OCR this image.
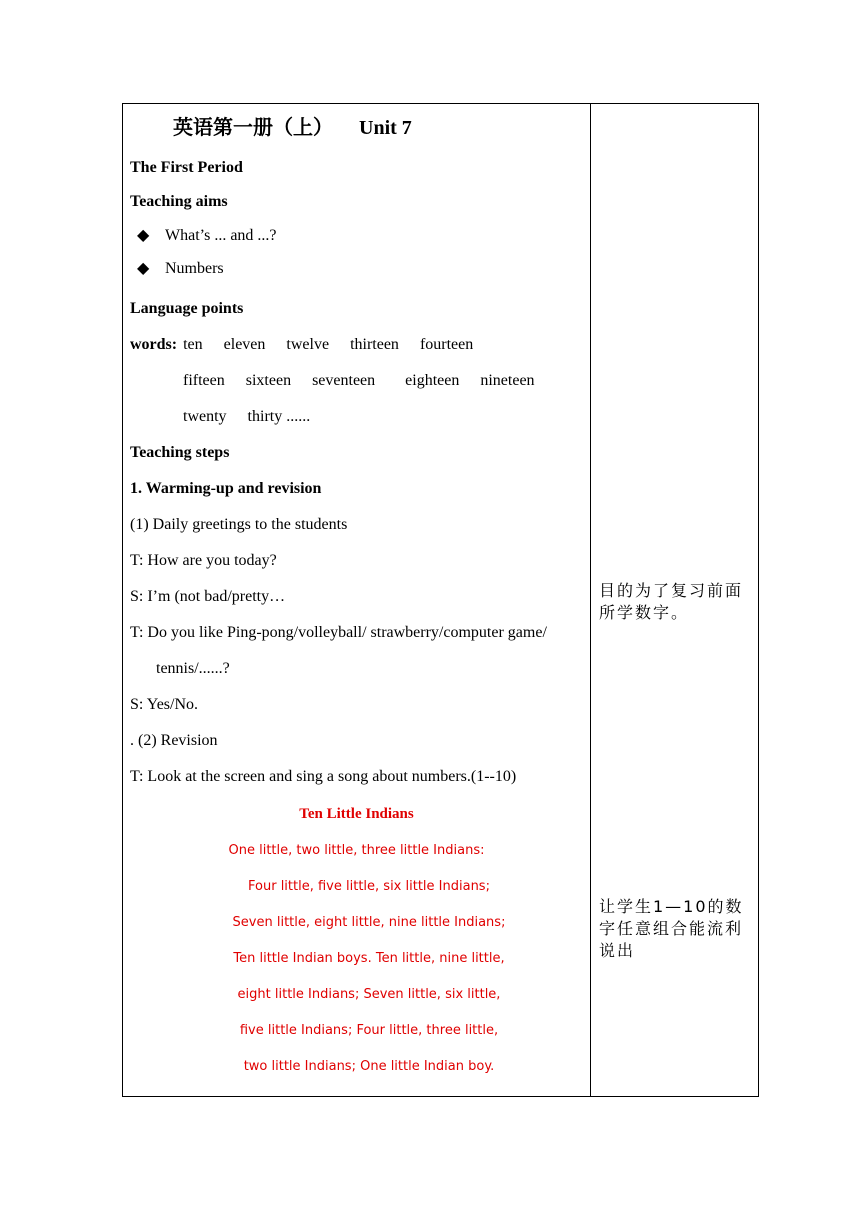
英语第一册（上） Unit 7
The First Period
Teaching aims
◆ What’s ... and ...?
◆ Numbers
Language points
words: ten eleven twelve thirteen fourteen
fifteen sixteen seventeen eighteen nineteen
twenty thirty ......
Teaching steps
1. Warming-up and revision
(1) Daily greetings to the students
T: How are you today?
S: I’m (not bad/pretty…
T: Do you like Ping-pong/volleyball/ strawberry/computer game/
tennis/......?
S: Yes/No.
. (2) Revision
T: Look at the screen and sing a song about numbers.(1--10)
Ten Little Indians
One little, two little, three little Indians:
Four little, five little, six little Indians;
Seven little, eight little, nine little Indians;
Ten little Indian boys. Ten little, nine little,
eight little Indians; Seven little, six little,
five little Indians; Four little, three little,
two little Indians; One little Indian boy.
目的为了复习前面所学数字。
让学生1—10的数字任意组合能流利说出
